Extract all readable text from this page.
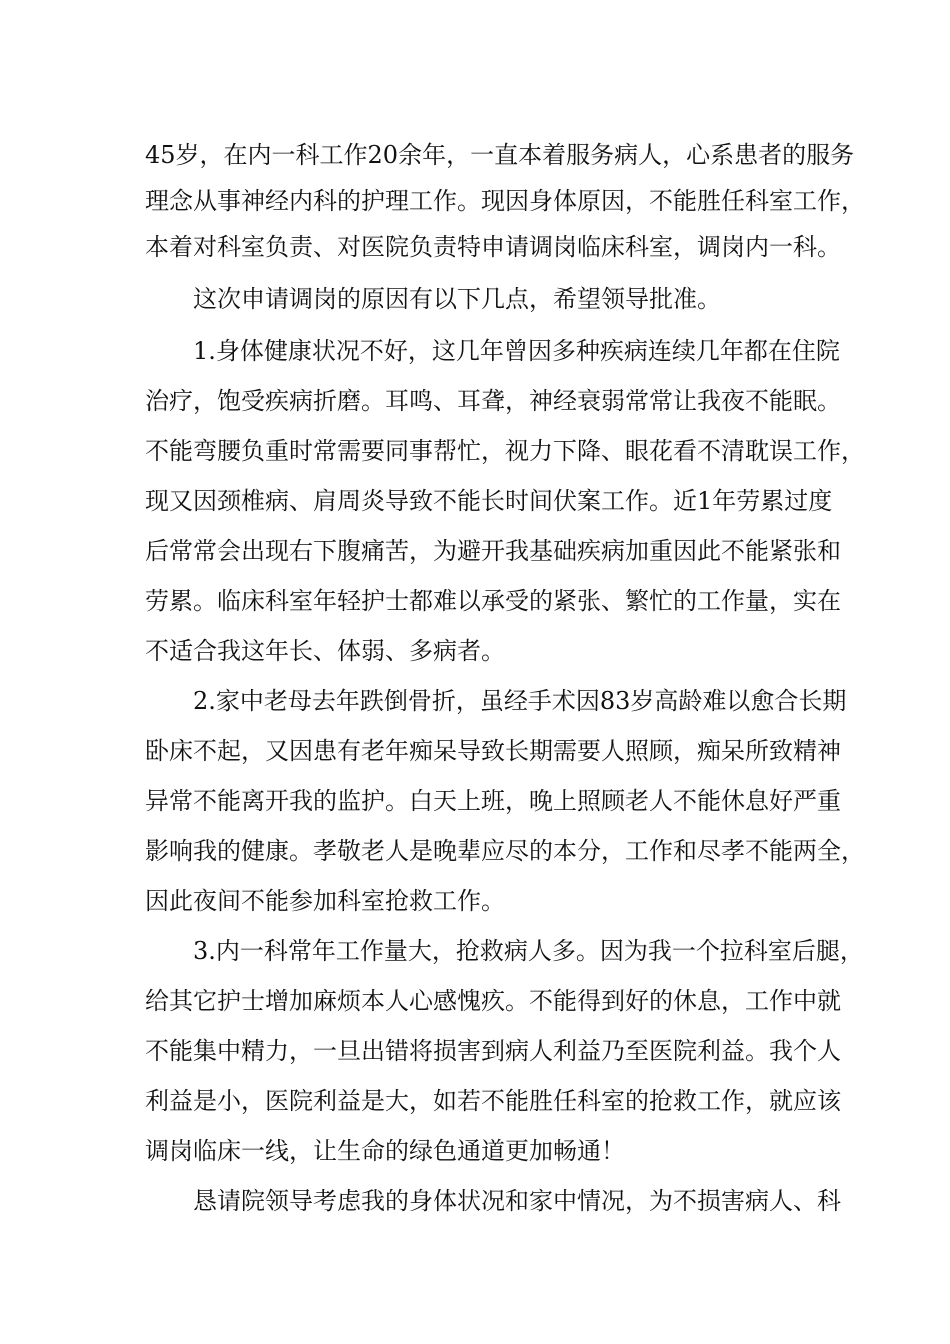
45岁，在内一科工作20余年，一直本着服务病人，心系患者的服务
理念从事神经内科的护理工作。现因身体原因，不能胜任科室工作，
本着对科室负责、对医院负责特申请调岗临床科室，调岗内一科。
这次申请调岗的原因有以下几点，希望领导批准。
1.身体健康状况不好，这几年曾因多种疾病连续几年都在住院
治疗，饱受疾病折磨。耳鸣、耳聋，神经衰弱常常让我夜不能眠。
不能弯腰负重时常需要同事帮忙，视力下降、眼花看不清耽误工作，
现又因颈椎病、肩周炎导致不能长时间伏案工作。近1年劳累过度
后常常会出现右下腹痛苦，为避开我基础疾病加重因此不能紧张和
劳累。临床科室年轻护士都难以承受的紧张、繁忙的工作量，实在
不适合我这年长、体弱、多病者。
2.家中老母去年跌倒骨折，虽经手术因83岁高龄难以愈合长期
卧床不起，又因患有老年痴呆导致长期需要人照顾，痴呆所致精神
异常不能离开我的监护。白天上班，晚上照顾老人不能休息好严重
影响我的健康。孝敬老人是晚辈应尽的本分，工作和尽孝不能两全，
因此夜间不能参加科室抢救工作。
3.内一科常年工作量大，抢救病人多。因为我一个拉科室后腿，
给其它护士增加麻烦本人心感愧疚。不能得到好的休息，工作中就
不能集中精力，一旦出错将损害到病人利益乃至医院利益。我个人
利益是小，医院利益是大，如若不能胜任科室的抢救工作，就应该
调岗临床一线，让生命的绿色通道更加畅通！
恳请院领导考虑我的身体状况和家中情况，为不损害病人、科
